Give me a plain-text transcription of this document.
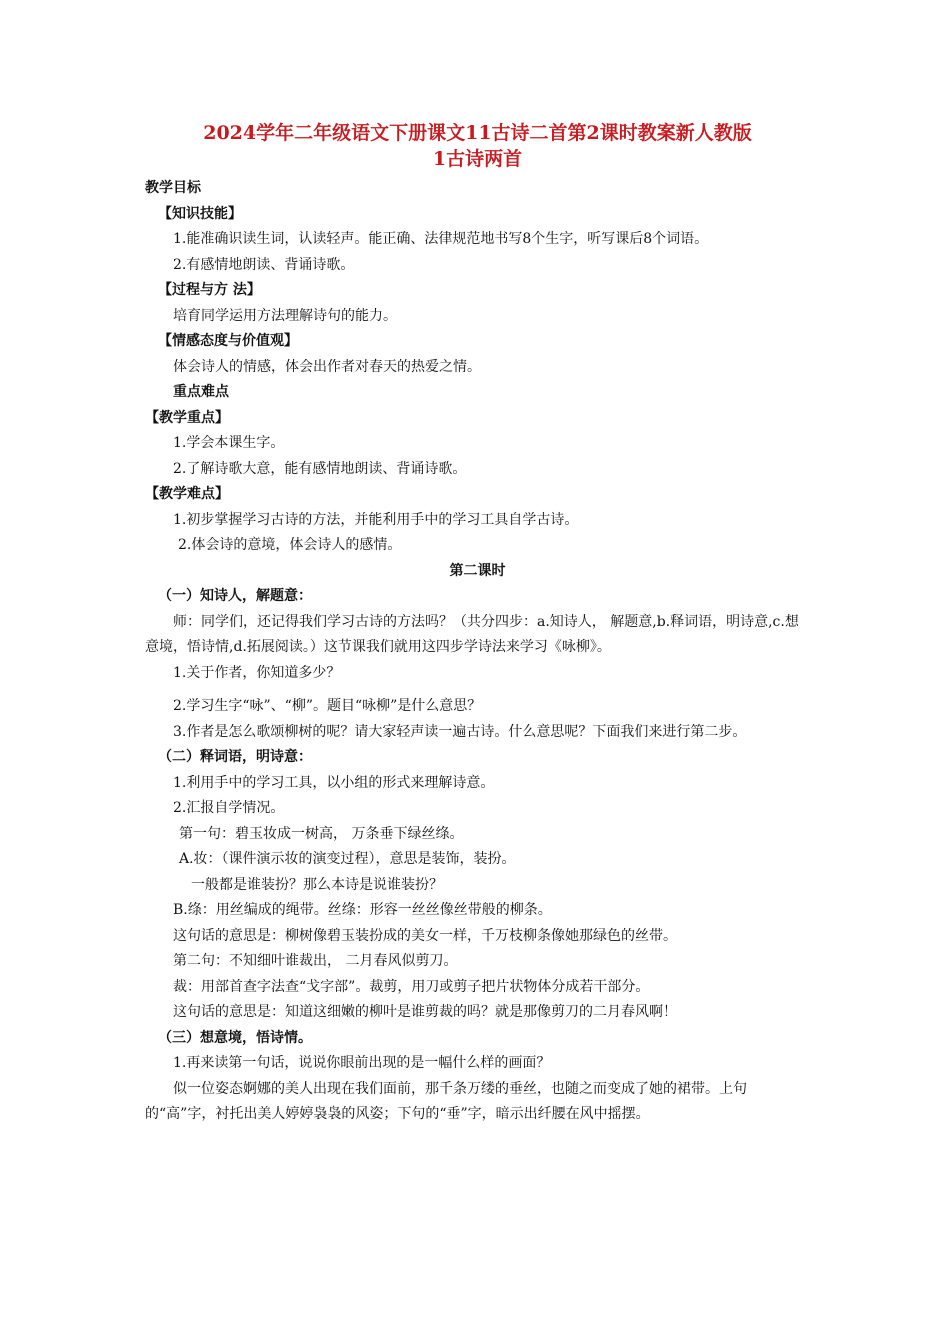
2024学年二年级语文下册课文11古诗二首第2课时教案新人教版

1古诗两首

教学目标

【知识技能】

1.能准确识读生词，认读轻声。能正确、法律规范地书写8个生字，听写课后8个词语。

2.有感情地朗读、背诵诗歌。

【过程与方 法】

培育同学运用方法理解诗句的能力。

【情感态度与价值观】

体会诗人的情感，体会出作者对春天的热爱之情。

重点难点

【教学重点】

1.学会本课生字。

2.了解诗歌大意，能有感情地朗读、背诵诗歌。

【教学难点】

1.初步掌握学习古诗的方法，并能利用手中的学习工具自学古诗。

2.体会诗的意境，体会诗人的感情。

第二课时

（一）知诗人，解题意：

师：同学们，还记得我们学习古诗的方法吗？（共分四步：a.知诗人， 解题意,b.释词语，明诗意,c.想意境，悟诗情,d.拓展阅读。）这节课我们就用这四步学诗法来学习《咏柳》。

1.关于作者，你知道多少？

2.学习生字“咏”、“柳”。题目“咏柳”是什么意思？

3.作者是怎么歌颂柳树的呢？请大家轻声读一遍古诗。什么意思呢？下面我们来进行第二步。

（二）释词语，明诗意：

1.利用手中的学习工具，以小组的形式来理解诗意。

2.汇报自学情况。

第一句：碧玉妆成一树高， 万条垂下绿丝绦。

A.妆：（课件演示妆的演变过程），意思是装饰，装扮。

一般都是谁装扮？那么本诗是说谁装扮？

B.绦：用丝编成的绳带。丝绦：形容一丝丝像丝带般的柳条。

这句话的意思是：柳树像碧玉装扮成的美女一样，千万枝柳条像她那绿色的丝带。

第二句：不知细叶谁裁出， 二月春风似剪刀。

裁：用部首查字法查“戈字部”。裁剪，用刀或剪子把片状物体分成若干部分。

这句话的意思是：知道这细嫩的柳叶是谁剪裁的吗？就是那像剪刀的二月春风啊！

（三）想意境，悟诗情。

1.再来读第一句话，说说你眼前出现的是一幅什么样的画面？

似一位姿态婀娜的美人出现在我们面前，那千条万缕的垂丝，也随之而变成了她的裙带。上句的“高”字，衬托出美人婷婷袅袅的风姿；下句的“垂”字，暗示出纤腰在风中摇摆。
